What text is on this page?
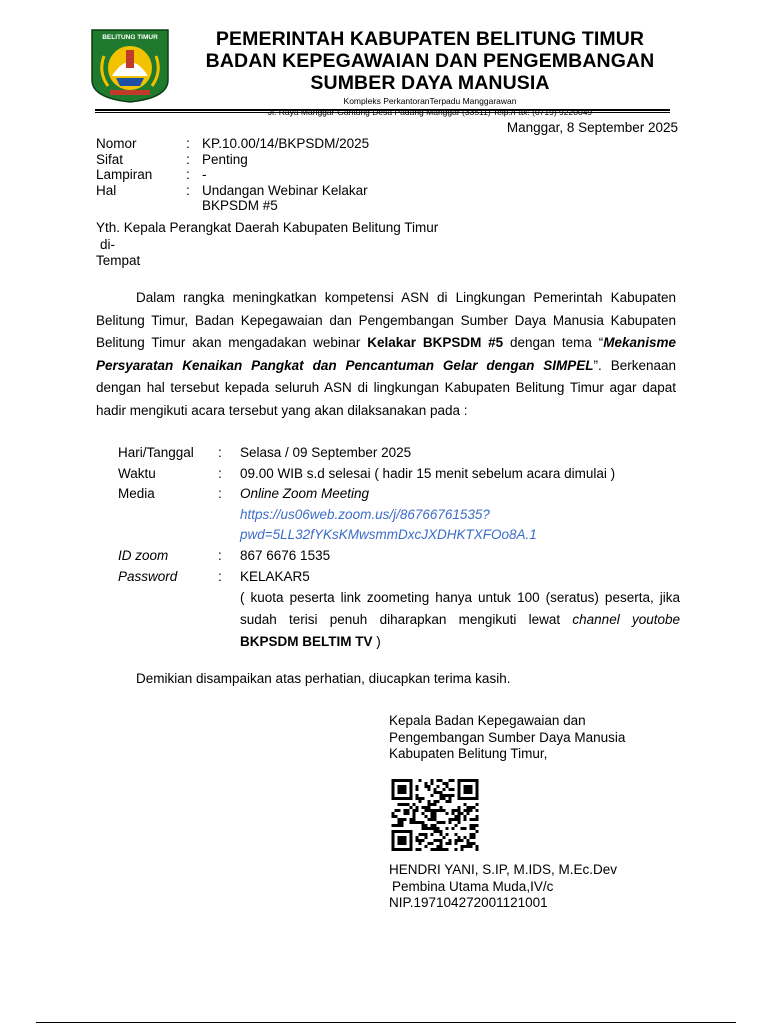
BELITUNG TIMUR	PEMERINTAH KABUPATEN BELITUNG TIMUR
BADAN KEPEGAWAIAN DAN PENGEMBANGAN
SUMBER DAYA MANUSIA
Kompleks PerkantoranTerpadu Manggarawan
Jl. Raya Manggar-Gantung Desa Padang Manggar (33511) Telp./Fax: (0719) 9220049
Manggar, 8 September 2025
Nomor	: KP.10.00/14/BKPSDM/2025
Sifat	: Penting
Lampiran	: -
Hal	: Undangan Webinar Kelakar BKPSDM #5
Yth. Kepala Perangkat Daerah Kabupaten Belitung Timur
di-
Tempat
Dalam rangka meningkatkan kompetensi ASN di Lingkungan Pemerintah Kabupaten Belitung Timur, Badan Kepegawaian dan Pengembangan Sumber Daya Manusia Kabupaten Belitung Timur akan mengadakan webinar Kelakar BKPSDM #5 dengan tema “Mekanisme Persyaratan Kenaikan Pangkat dan Pencantuman Gelar dengan SIMPEL”. Berkenaan dengan hal tersebut kepada seluruh ASN di lingkungan Kabupaten Belitung Timur agar dapat hadir mengikuti acara tersebut yang akan dilaksanakan pada :
Hari/Tanggal	:	Selasa / 09 September 2025
Waktu	:	09.00 WIB s.d selesai ( hadir 15 menit sebelum acara dimulai )
Media	:	Online Zoom Meeting
https://us06web.zoom.us/j/86766761535?
pwd=5LL32fYKsKMwsmmDxcJXDHKTXFOo8A.1
ID zoom	:	867 6676 1535
Password	:	KELAKAR5
( kuota peserta link zoometing hanya untuk 100 (seratus) peserta, jika sudah terisi penuh diharapkan mengikuti lewat channel youtobe BKPSDM BELTIM TV )
Demikian disampaikan atas perhatian, diucapkan terima kasih.
Kepala Badan Kepegawaian dan
Pengembangan Sumber Daya Manusia
Kabupaten Belitung Timur,
HENDRI YANI, S.IP, M.IDS, M.Ec.Dev
Pembina Utama Muda,IV/c
NIP.197104272001121001
